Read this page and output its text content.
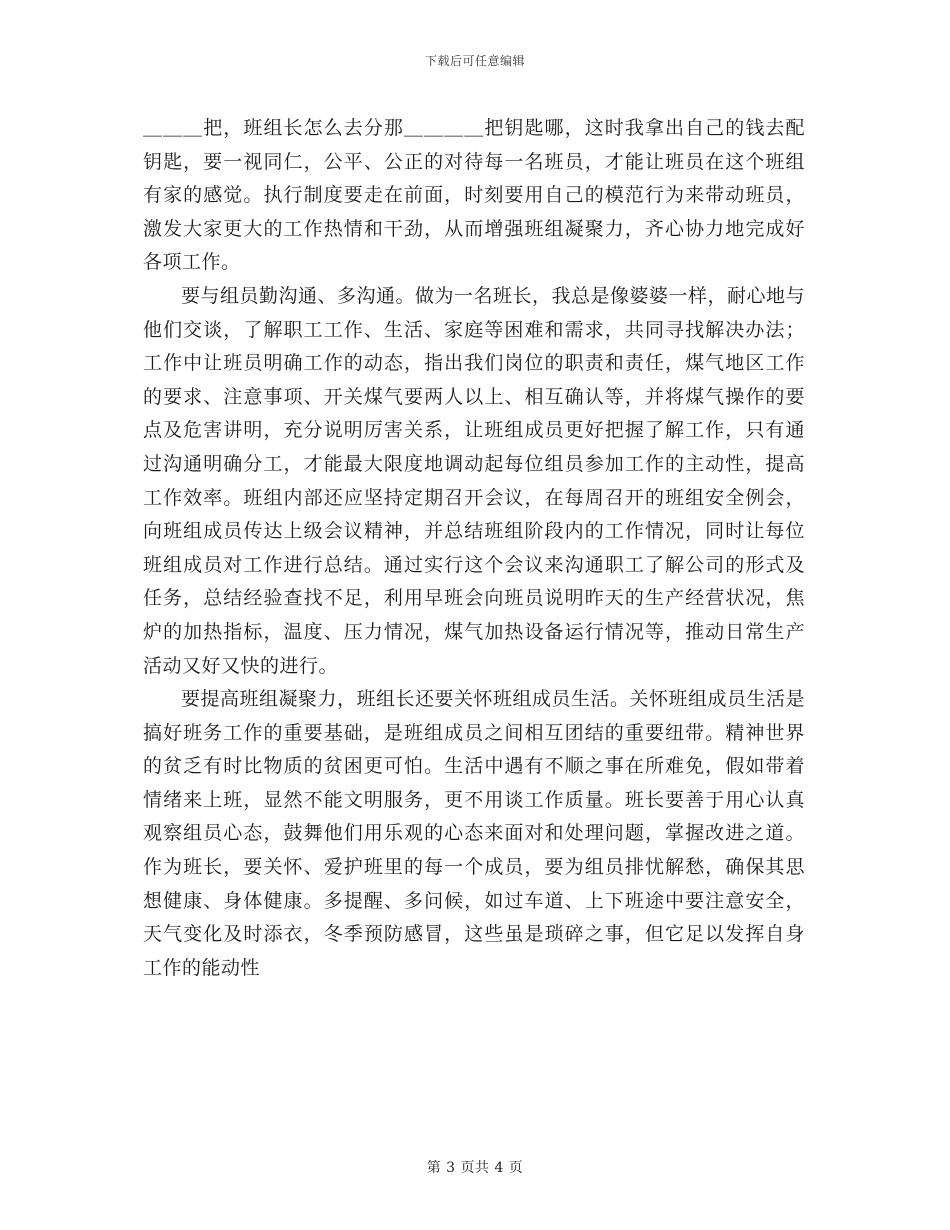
下载后可任意编辑

＿＿＿把，班组长怎么去分那＿＿＿＿把钥匙哪，这时我拿出自己的钱去配钥匙，要一视同仁，公平、公正的对待每一名班员，才能让班员在这个班组有家的感觉。执行制度要走在前面，时刻要用自己的模范行为来带动班员，激发大家更大的工作热情和干劲，从而增强班组凝聚力，齐心协力地完成好各项工作。

要与组员勤沟通、多沟通。做为一名班长，我总是像婆婆一样，耐心地与他们交谈，了解职工工作、生活、家庭等困难和需求，共同寻找解决办法；工作中让班员明确工作的动态，指出我们岗位的职责和责任，煤气地区工作的要求、注意事项、开关煤气要两人以上、相互确认等，并将煤气操作的要点及危害讲明，充分说明厉害关系，让班组成员更好把握了解工作，只有通过沟通明确分工，才能最大限度地调动起每位组员参加工作的主动性，提高工作效率。班组内部还应坚持定期召开会议，在每周召开的班组安全例会，向班组成员传达上级会议精神，并总结班组阶段内的工作情况，同时让每位班组成员对工作进行总结。通过实行这个会议来沟通职工了解公司的形式及任务，总结经验查找不足，利用早班会向班员说明昨天的生产经营状况，焦炉的加热指标，温度、压力情况，煤气加热设备运行情况等，推动日常生产活动又好又快的进行。

要提高班组凝聚力，班组长还要关怀班组成员生活。关怀班组成员生活是搞好班务工作的重要基础，是班组成员之间相互团结的重要纽带。精神世界的贫乏有时比物质的贫困更可怕。生活中遇有不顺之事在所难免，假如带着情绪来上班，显然不能文明服务，更不用谈工作质量。班长要善于用心认真观察组员心态，鼓舞他们用乐观的心态来面对和处理问题，掌握改进之道。作为班长，要关怀、爱护班里的每一个成员，要为组员排忧解愁，确保其思想健康、身体健康。多提醒、多问候，如过车道、上下班途中要注意安全，天气变化及时添衣，冬季预防感冒，这些虽是琐碎之事，但它足以发挥自身工作的能动性

第 3 页共 4 页
